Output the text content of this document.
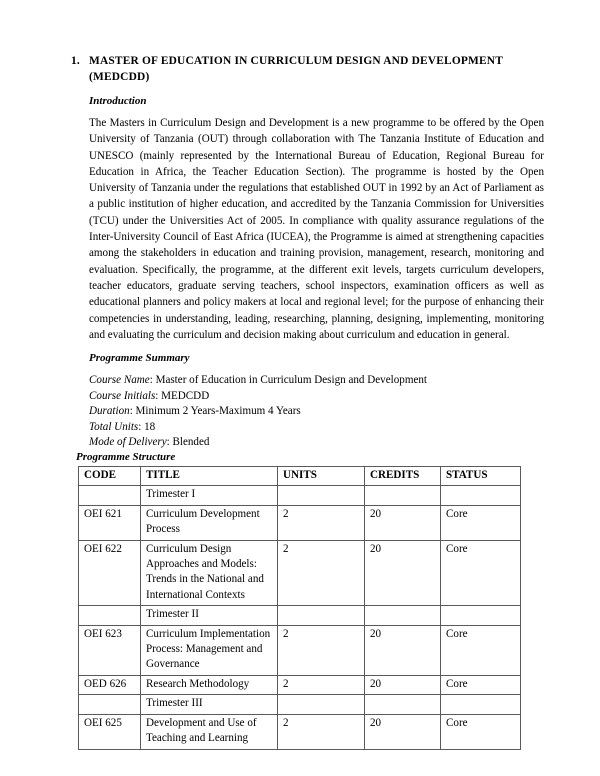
1. MASTER OF EDUCATION IN CURRICULUM DESIGN AND DEVELOPMENT (MEDCDD)
Introduction
The Masters in Curriculum Design and Development is a new programme to be offered by the Open University of Tanzania (OUT) through collaboration with The Tanzania Institute of Education and UNESCO (mainly represented by the International Bureau of Education, Regional Bureau for Education in Africa, the Teacher Education Section). The programme is hosted by the Open University of Tanzania under the regulations that established OUT in 1992 by an Act of Parliament as a public institution of higher education, and accredited by the Tanzania Commission for Universities (TCU) under the Universities Act of 2005. In compliance with quality assurance regulations of the Inter-University Council of East Africa (IUCEA), the Programme is aimed at strengthening capacities among the stakeholders in education and training provision, management, research, monitoring and evaluation. Specifically, the programme, at the different exit levels, targets curriculum developers, teacher educators, graduate serving teachers, school inspectors, examination officers as well as educational planners and policy makers at local and regional level; for the purpose of enhancing their competencies in understanding, leading, researching, planning, designing, implementing, monitoring and evaluating the curriculum and decision making about curriculum and education in general.
Programme Summary
Course Name: Master of Education in Curriculum Design and Development
Course Initials: MEDCDD
Duration: Minimum 2 Years-Maximum 4 Years
Total Units: 18
Mode of Delivery: Blended
Programme Structure
CODE	TITLE	UNITS	CREDITS	STATUS
	Trimester I			
OEI 621	Curriculum Development Process	2	20	Core
OEI 622	Curriculum Design Approaches and Models: Trends in the National and International Contexts	2	20	Core
	Trimester II			
OEI 623	Curriculum Implementation Process: Management and Governance	2	20	Core
OED 626	Research Methodology	2	20	Core
	Trimester III			
OEI 625	Development and Use of Teaching and Learning	2	20	Core
